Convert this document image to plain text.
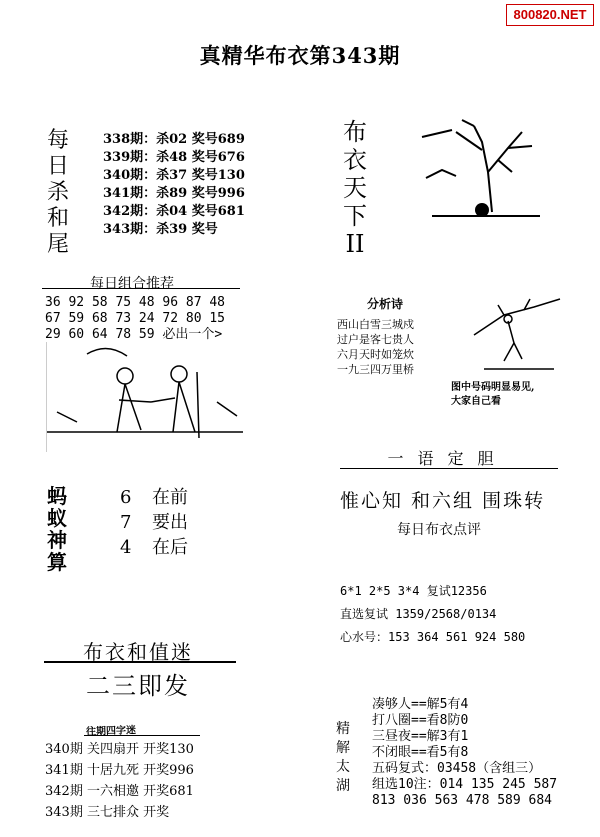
800820.NET
真精华布衣第343期
每
日
杀
和
尾
338期：杀02 奖号689
339期：杀48 奖号676
340期：杀37 奖号130
341期：杀89 奖号996
342期：杀04 奖号681
343期：杀39 奖号
布
衣
天
下
II
每日组合推荐
36 92 58 75 48 96 87 48
67 59 68 73 24 72 80 15
29 60 64 78 59 必出一个>
分析诗
西山白雪三城戍
过户是客七贵人
六月天时如笼炊
一九三四万里桥
图中号码明显易见,
大家自己看
一语定胆
惟心知 和六组 围珠转
每日布衣点评
蚂
蚁
神
算
6 在前
7 要出
4 在后
6*1 2*5 3*4 复试12356
直选复试 1359/2568/0134
心水号：153 364 561 924 580
布衣和值迷
二三即发
往期四字迷
340期 关四扇开 开奖130
341期 十居九死 开奖996
342期 一六相邀 开奖681
343期 三七排众 开奖
精
解
太
湖
凑够人==解5有4
打八圈==看8防0
三昼夜==解3有1
不闭眼==看5有8
五码复式：03458（含组三）
组选10注：014 135 245 587
813 036 563 478 589 684
